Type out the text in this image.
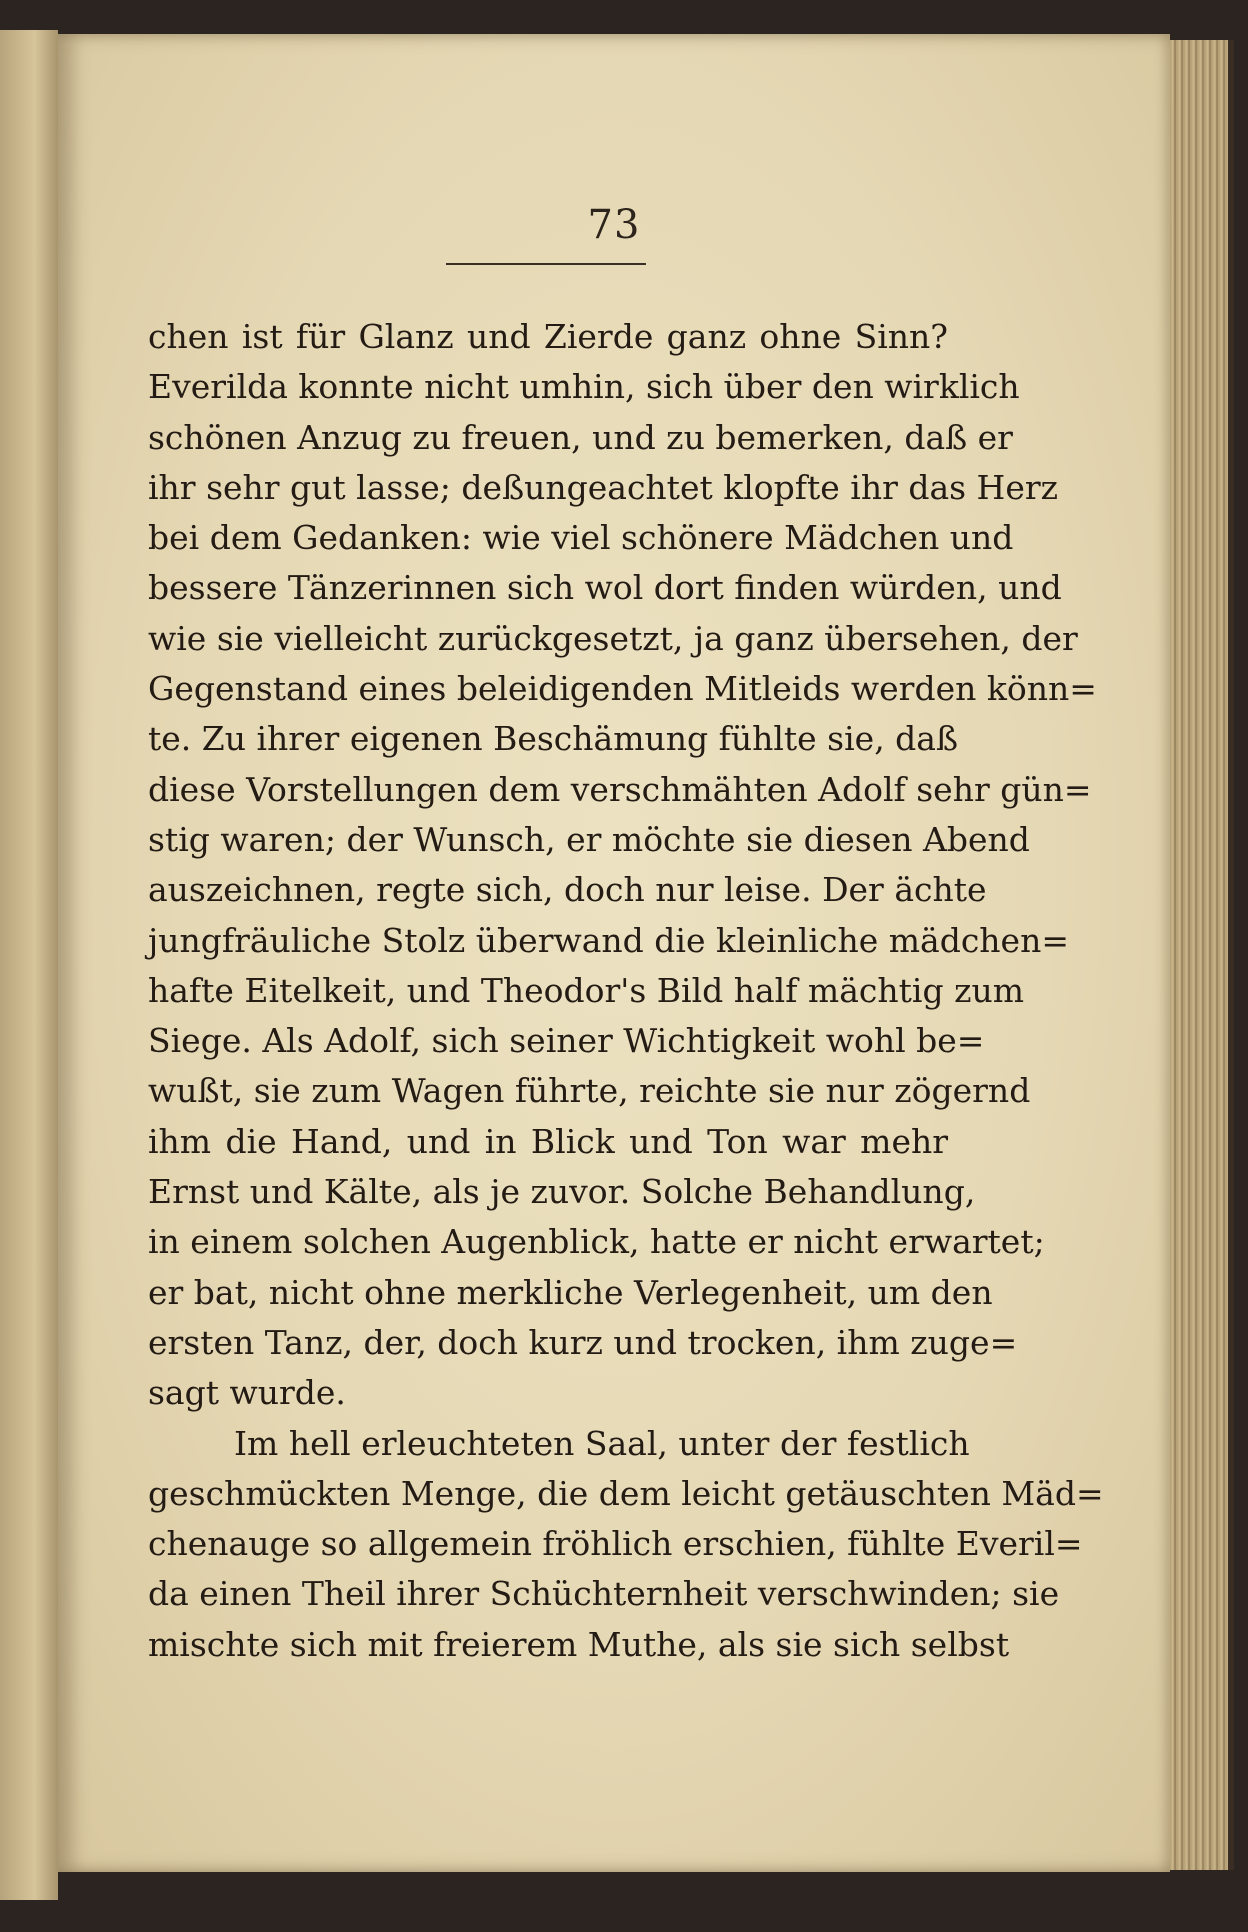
73
chen ist für Glanz und Zierde ganz ohne Sinn?
Everilda konnte nicht umhin, sich über den wirklich
schönen Anzug zu freuen, und zu bemerken, daß er
ihr sehr gut lasse; deßungeachtet klopfte ihr das Herz
bei dem Gedanken: wie viel schönere Mädchen und
bessere Tänzerinnen sich wol dort finden würden, und
wie sie vielleicht zurückgesetzt, ja ganz übersehen, der
Gegenstand eines beleidigenden Mitleids werden könn=
te. Zu ihrer eigenen Beschämung fühlte sie, daß
diese Vorstellungen dem verschmähten Adolf sehr gün=
stig waren; der Wunsch, er möchte sie diesen Abend
auszeichnen, regte sich, doch nur leise. Der ächte
jungfräuliche Stolz überwand die kleinliche mädchen=
hafte Eitelkeit, und Theodor's Bild half mächtig zum
Siege. Als Adolf, sich seiner Wichtigkeit wohl be=
wußt, sie zum Wagen führte, reichte sie nur zögernd
ihm die Hand, und in Blick und Ton war mehr
Ernst und Kälte, als je zuvor. Solche Behandlung,
in einem solchen Augenblick, hatte er nicht erwartet;
er bat, nicht ohne merkliche Verlegenheit, um den
ersten Tanz, der, doch kurz und trocken, ihm zuge=
sagt wurde.
Im hell erleuchteten Saal, unter der festlich
geschmückten Menge, die dem leicht getäuschten Mäd=
chenauge so allgemein fröhlich erschien, fühlte Everil=
da einen Theil ihrer Schüchternheit verschwinden; sie
mischte sich mit freierem Muthe, als sie sich selbst
